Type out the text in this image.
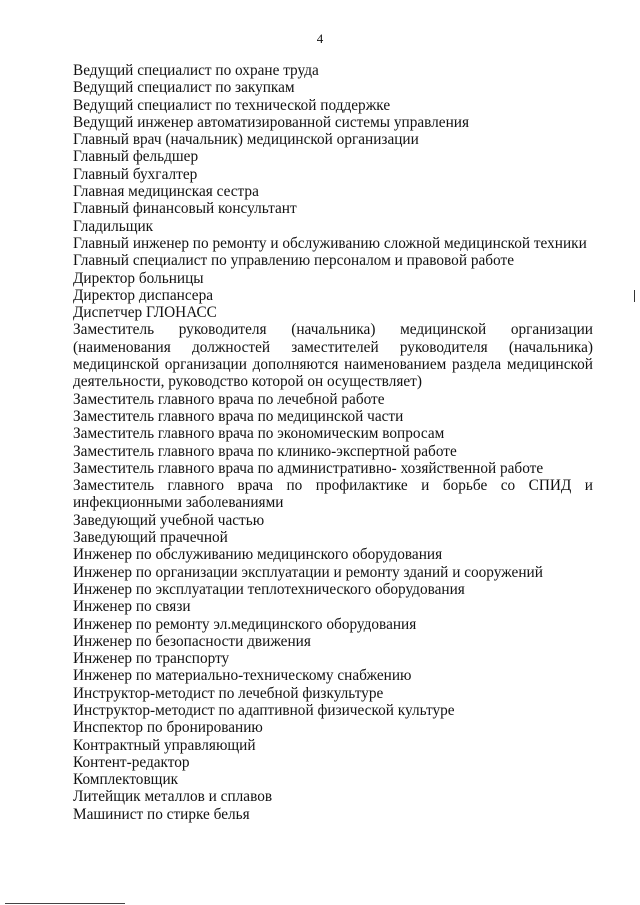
4

Ведущий специалист по охране труда

Ведущий специалист по закупкам

Ведущий специалист по технической поддержке

Ведущий инженер автоматизированной системы управления

Главный врач (начальник) медицинской организации

Главный фельдшер

Главный бухгалтер

Главная медицинская сестра

Главный финансовый консультант

Гладильщик

Главный инженер по ремонту и обслуживанию сложной медицинской техники

Главный специалист по управлению персоналом и правовой работе

Директор больницы

Директор диспансера

Диспетчер ГЛОНАСС

Заместитель руководителя (начальника) медицинской организации (наименования должностей заместителей руководителя (начальника) медицинской организации дополняются наименованием раздела медицинской деятельности, руководство которой он осуществляет)

Заместитель главного врача по лечебной работе

Заместитель главного врача по медицинской части

Заместитель главного врача по экономическим вопросам

Заместитель главного врача по клинико-экспертной работе

Заместитель главного врача по административно- хозяйственной работе

Заместитель главного врача по профилактике и борьбе со СПИД и инфекционными заболеваниями

Заведующий учебной частью

Заведующий прачечной

Инженер по обслуживанию медицинского оборудования

Инженер по организации эксплуатации и ремонту зданий и сооружений

Инженер по эксплуатации теплотехнического оборудования

Инженер по связи

Инженер по ремонту эл.медицинского оборудования

Инженер по безопасности движения

Инженер по транспорту

Инженер по материально-техническому снабжению

Инструктор-методист по лечебной физкультуре

Инструктор-методист по адаптивной физической культуре

Инспектор по бронированию

Контрактный управляющий

Контент-редактор

Комплектовщик

Литейщик металлов и сплавов

Машинист по стирке белья
